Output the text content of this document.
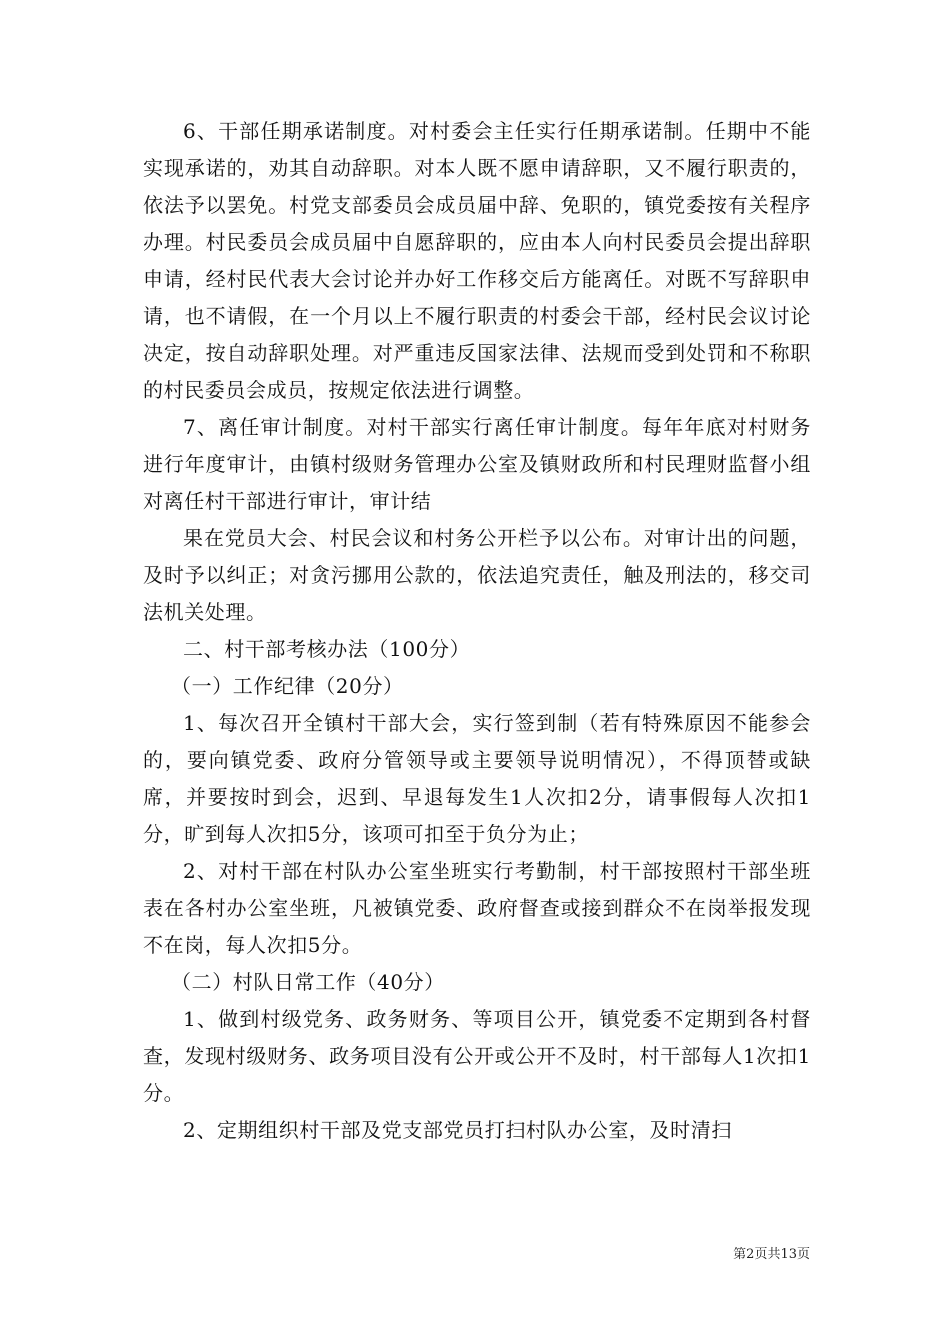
6、干部任期承诺制度。对村委会主任实行任期承诺制。任期中不能实现承诺的，劝其自动辞职。对本人既不愿申请辞职，又不履行职责的，依法予以罢免。村党支部委员会成员届中辞、免职的，镇党委按有关程序办理。村民委员会成员届中自愿辞职的，应由本人向村民委员会提出辞职申请，经村民代表大会讨论并办好工作移交后方能离任。对既不写辞职申请，也不请假，在一个月以上不履行职责的村委会干部，经村民会议讨论决定，按自动辞职处理。对严重违反国家法律、法规而受到处罚和不称职的村民委员会成员，按规定依法进行调整。

7、离任审计制度。对村干部实行离任审计制度。每年年底对村财务进行年度审计，由镇村级财务管理办公室及镇财政所和村民理财监督小组对离任村干部进行审计，审计结

果在党员大会、村民会议和村务公开栏予以公布。对审计出的问题，及时予以纠正；对贪污挪用公款的，依法追究责任，触及刑法的，移交司法机关处理。

二、村干部考核办法（100分）

（一）工作纪律（20分）

1、每次召开全镇村干部大会，实行签到制（若有特殊原因不能参会的，要向镇党委、政府分管领导或主要领导说明情况），不得顶替或缺席，并要按时到会，迟到、早退每发生1人次扣2分，请事假每人次扣1分，旷到每人次扣5分，该项可扣至于负分为止；

2、对村干部在村队办公室坐班实行考勤制，村干部按照村干部坐班表在各村办公室坐班，凡被镇党委、政府督查或接到群众不在岗举报发现不在岗，每人次扣5分。

（二）村队日常工作（40分）

1、做到村级党务、政务财务、等项目公开，镇党委不定期到各村督查，发现村级财务、政务项目没有公开或公开不及时，村干部每人1次扣1分。

2、定期组织村干部及党支部党员打扫村队办公室，及时清扫

第2页共13页
